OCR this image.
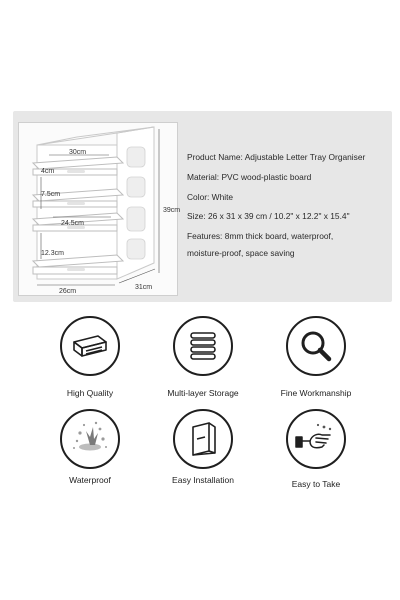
30cm
4cm
7.5cm
24.5cm
12.3cm
39cm
26cm
31cm
Product Name: Adjustable Letter Tray Organiser
Material: PVC wood-plastic board
Color: White
Size: 26 x 31 x 39 cm / 10.2" x 12.2" x 15.4"
Features: 8mm thick board, waterproof,
moisture-proof, space saving
High Quality	Multi-layer Storage	Fine Workmanship
Waterproof	Easy Installation	Easy to Take
